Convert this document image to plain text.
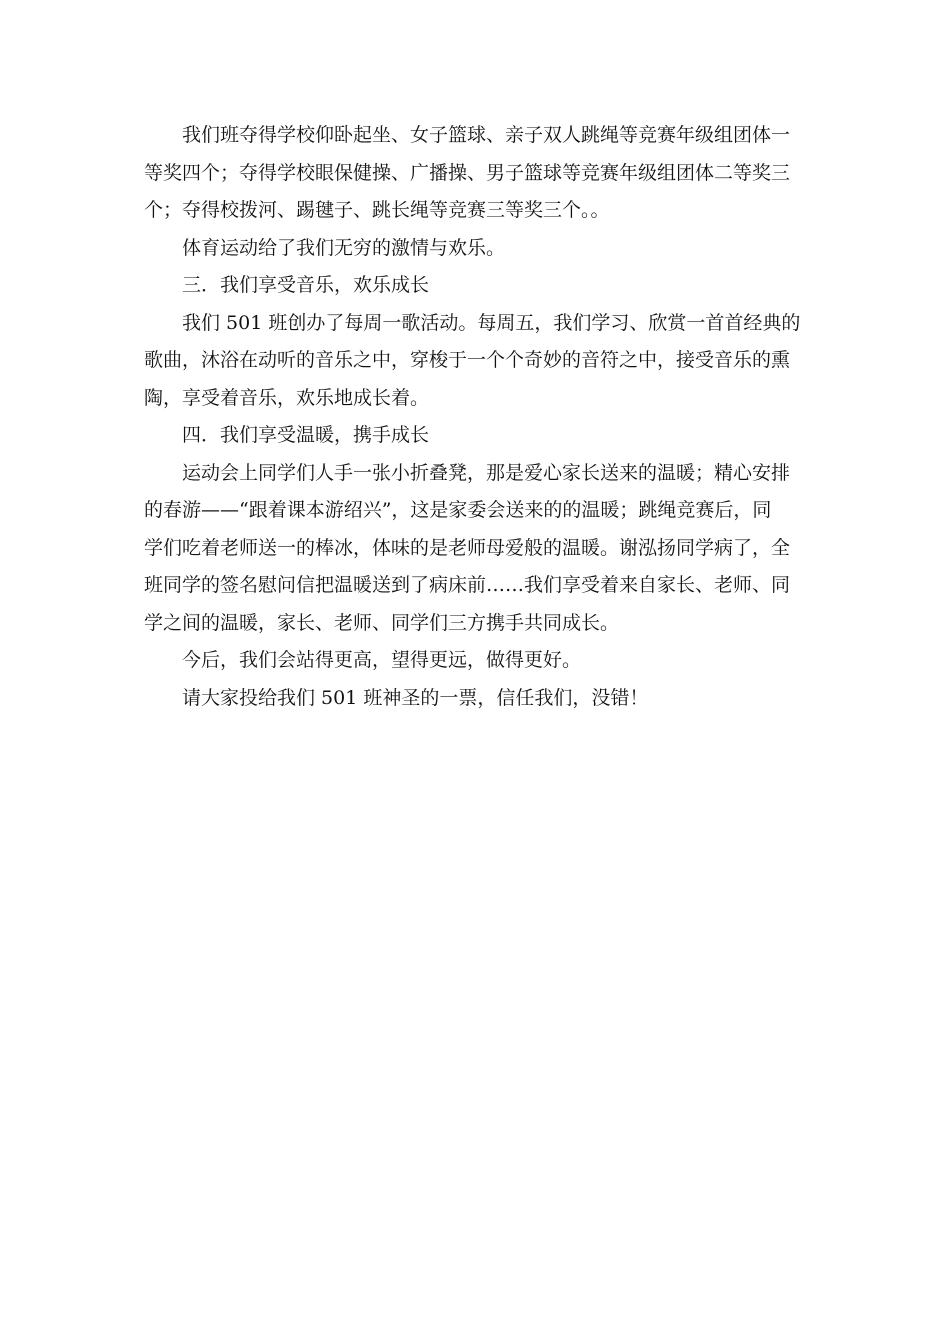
我们班夺得学校仰卧起坐、女子篮球、亲子双人跳绳等竞赛年级组团体一
等奖四个；夺得学校眼保健操、广播操、男子篮球等竞赛年级组团体二等奖三
个；夺得校拨河、踢毽子、跳长绳等竞赛三等奖三个。。

体育运动给了我们无穷的激情与欢乐。

三．我们享受音乐，欢乐成长

我们 501 班创办了每周一歌活动。每周五，我们学习、欣赏一首首经典的
歌曲，沐浴在动听的音乐之中，穿梭于一个个奇妙的音符之中，接受音乐的熏
陶，享受着音乐，欢乐地成长着。

四．我们享受温暖，携手成长

运动会上同学们人手一张小折叠凳，那是爱心家长送来的温暖；精心安排
的春游——“跟着课本游绍兴”，这是家委会送来的的温暖；跳绳竞赛后，同
学们吃着老师送一的棒冰，体味的是老师母爱般的温暖。谢泓扬同学病了，全
班同学的签名慰问信把温暖送到了病床前……我们享受着来自家长、老师、同
学之间的温暖，家长、老师、同学们三方携手共同成长。

今后，我们会站得更高，望得更远，做得更好。

请大家投给我们 501 班神圣的一票，信任我们，没错！
